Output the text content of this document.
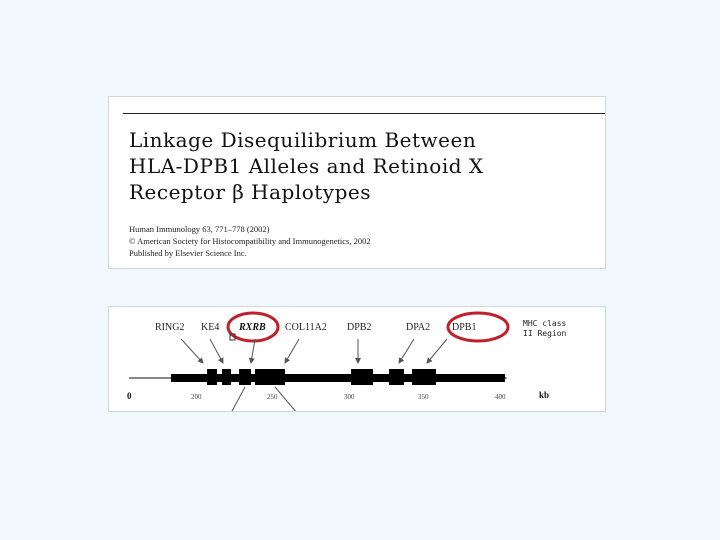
Linkage Disequilibrium Between
HLA-DPB1 Alleles and Retinoid X
Receptor β Haplotypes
Human Immunology 63, 771–778 (2002)
© American Society for Histocompatibility and Immunogenetics, 2002
Published by Elsevier Science Inc.
RING2 KE4 RXRB COL11A2 DPB2	DPA2 DPB1	MHC class
II Region
0	kb
200	250	300	350	400
